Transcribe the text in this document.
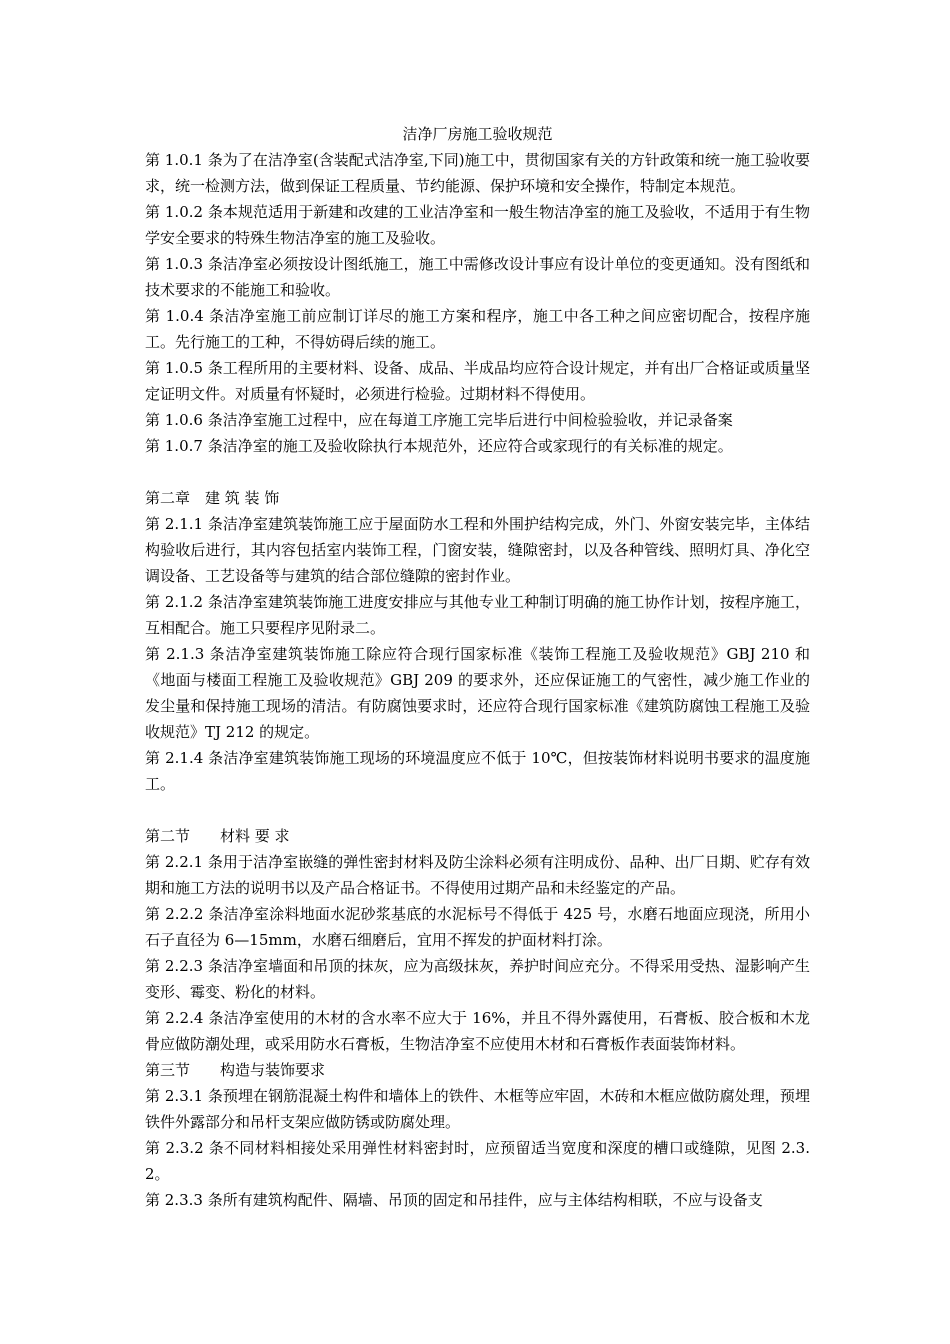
洁净厂房施工验收规范

第 1.0.1 条为了在洁净室(含装配式洁净室,下同)施工中，贯彻国家有关的方针政策和统一施工验收要求，统一检测方法，做到保证工程质量、节约能源、保护环境和安全操作，特制定本规范。

第 1.0.2 条本规范适用于新建和改建的工业洁净室和一般生物洁净室的施工及验收，不适用于有生物学安全要求的特殊生物洁净室的施工及验收。

第 1.0.3 条洁净室必须按设计图纸施工，施工中需修改设计事应有设计单位的变更通知。没有图纸和技术要求的不能施工和验收。

第 1.0.4 条洁净室施工前应制订详尽的施工方案和程序，施工中各工种之间应密切配合，按程序施工。先行施工的工种，不得妨碍后续的施工。

第 1.0.5 条工程所用的主要材料、设备、成品、半成品均应符合设计规定，并有出厂合格证或质量坚定证明文件。对质量有怀疑时，必须进行检验。过期材料不得使用。

第 1.0.6 条洁净室施工过程中，应在每道工序施工完毕后进行中间检验验收，并记录备案

第 1.0.7 条洁净室的施工及验收除执行本规范外，还应符合或家现行的有关标准的规定。

第二章　建 筑 装 饰

第 2.1.1 条洁净室建筑装饰施工应于屋面防水工程和外围护结构完成，外门、外窗安装完毕，主体结构验收后进行，其内容包括室内装饰工程，门窗安装，缝隙密封，以及各种管线、照明灯具、净化空调设备、工艺设备等与建筑的结合部位缝隙的密封作业。

第 2.1.2 条洁净室建筑装饰施工进度安排应与其他专业工种制订明确的施工协作计划，按程序施工，互相配合。施工只要程序见附录二。

第 2.1.3 条洁净室建筑装饰施工除应符合现行国家标准《装饰工程施工及验收规范》GBJ 210 和《地面与楼面工程施工及验收规范》GBJ 209 的要求外，还应保证施工的气密性，减少施工作业的发尘量和保持施工现场的清洁。有防腐蚀要求时，还应符合现行国家标准《建筑防腐蚀工程施工及验收规范》TJ 212 的规定。

第 2.1.4 条洁净室建筑装饰施工现场的环境温度应不低于 10℃，但按装饰材料说明书要求的温度施工。

第二节　　材料 要 求

第 2.2.1 条用于洁净室嵌缝的弹性密封材料及防尘涂料必须有注明成份、品种、出厂日期、贮存有效期和施工方法的说明书以及产品合格证书。不得使用过期产品和未经鉴定的产品。

第 2.2.2 条洁净室涂料地面水泥砂浆基底的水泥标号不得低于 425 号，水磨石地面应现浇，所用小石子直径为 6—15mm，水磨石细磨后，宜用不挥发的护面材料打涂。

第 2.2.3 条洁净室墙面和吊顶的抹灰，应为高级抹灰，养护时间应充分。不得采用受热、湿影响产生变形、霉变、粉化的材料。

第 2.2.4 条洁净室使用的木材的含水率不应大于 16%，并且不得外露使用，石膏板、胶合板和木龙骨应做防潮处理，或采用防水石膏板，生物洁净室不应使用木材和石膏板作表面装饰材料。

第三节　　构造与装饰要求

第 2.3.1 条预埋在钢筋混凝土构件和墙体上的铁件、木框等应牢固，木砖和木框应做防腐处理，预埋铁件外露部分和吊杆支架应做防锈或防腐处理。

第 2.3.2 条不同材料相接处采用弹性材料密封时，应预留适当宽度和深度的槽口或缝隙，见图 2.3.2。

第 2.3.3 条所有建筑构配件、隔墙、吊顶的固定和吊挂件，应与主体结构相联，不应与设备支
